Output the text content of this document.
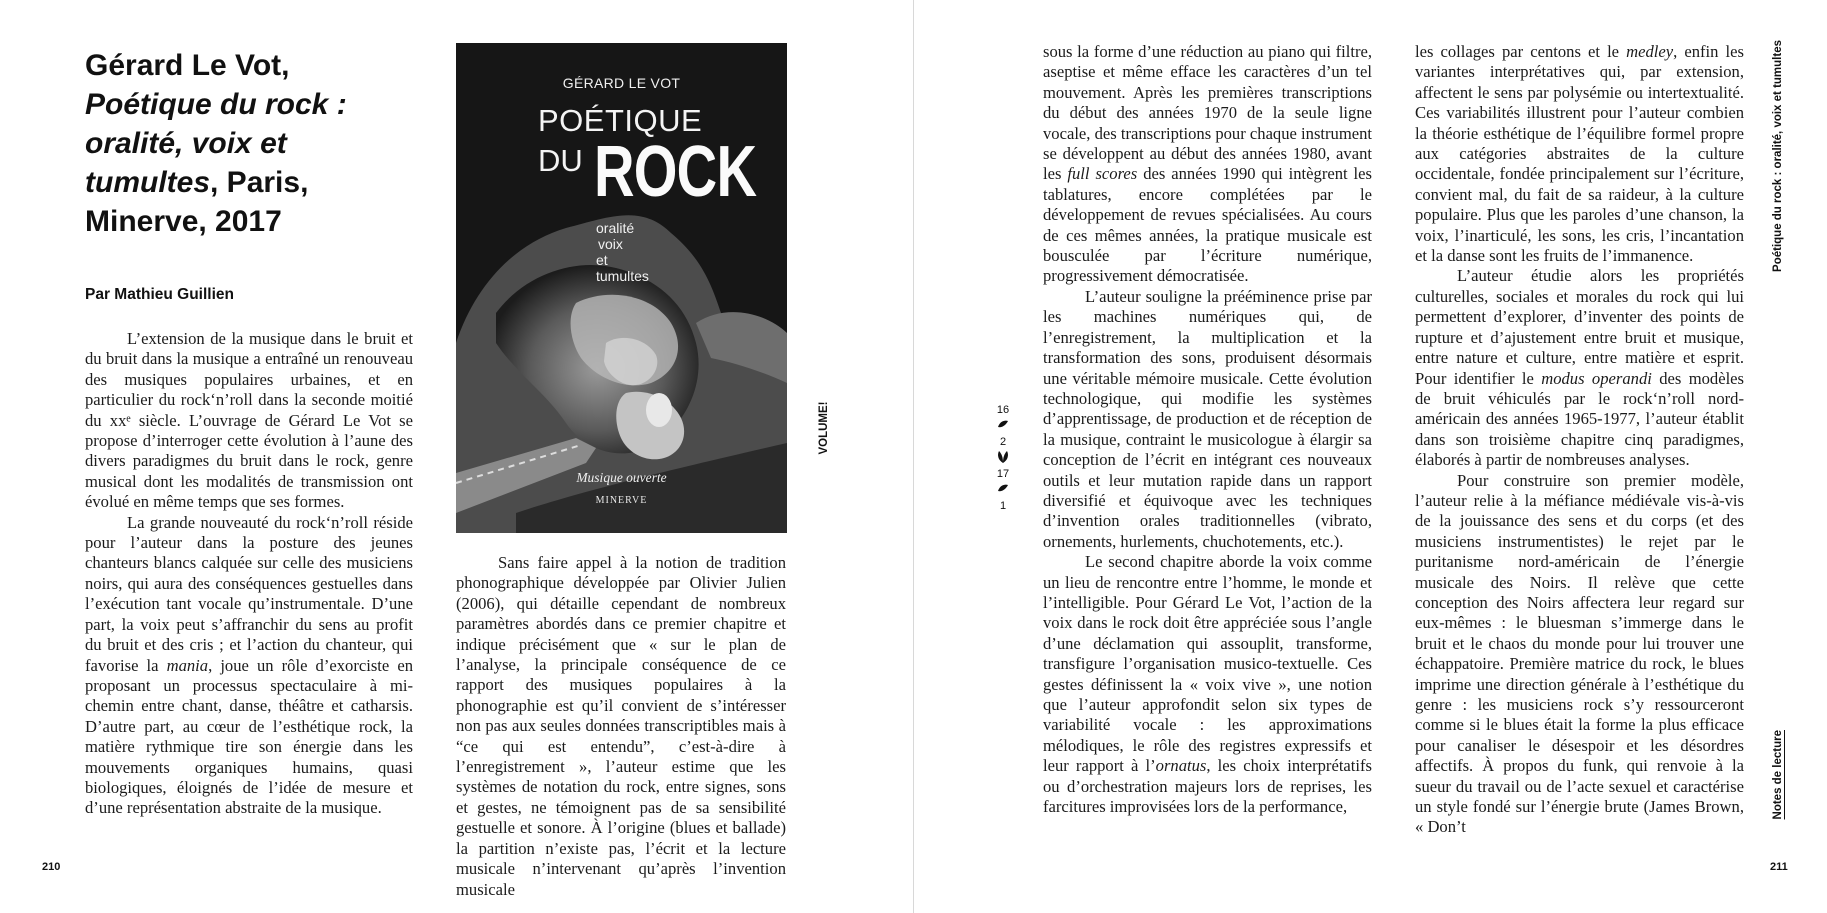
Gérard Le Vot,
Poétique du rock : oralité, voix et tumultes, Paris, Minerve, 2017
Par Mathieu Guillien

L’extension de la musique dans le bruit et du bruit dans la musique a entraîné un renouveau des musiques populaires urbaines, et en particulier du rock‘n’roll dans la seconde moitié du xxᵉ siècle. L’ouvrage de Gérard Le Vot se propose d’interroger cette évolution à l’aune des divers paradigmes du bruit dans le rock, genre musical dont les modalités de transmission ont évolué en même temps que ses formes.

La grande nouveauté du rock‘n’roll réside pour l’auteur dans la posture des jeunes chanteurs blancs calquée sur celle des musiciens noirs, qui aura des conséquences gestuelles dans l’exécution tant vocale qu’instrumentale. D’une part, la voix peut s’affranchir du sens au profit du bruit et des cris ; et l’action du chanteur, qui favorise la mania, joue un rôle d’exorciste en proposant un processus spectaculaire à mi-chemin entre chant, danse, théâtre et catharsis. D’autre part, au cœur de l’esthétique rock, la matière rythmique tire son énergie dans les mouvements organiques humains, quasi biologiques, éloignés de l’idée de mesure et d’une représentation abstraite de la musique.

GÉRARD LE VOT
POÉTIQUE
DU ROCK
oralité
voix
et
tumultes
Musique ouverte
MINERVE

Sans faire appel à la notion de tradition phonographique développée par Olivier Julien (2006), qui détaille cependant de nombreux paramètres abordés dans ce premier chapitre et indique précisément que « sur le plan de l’analyse, la principale conséquence de ce rapport des musiques populaires à la phonographie est qu’il convient de s’intéresser non pas aux seules données transcriptibles mais à “ce qui est entendu”, c’est-à-dire à l’enregistrement », l’auteur estime que les systèmes de notation du rock, entre signes, sons et gestes, ne témoignent pas de sa sensibilité gestuelle et sonore. À l’origine (blues et ballade) la partition n’existe pas, l’écrit et la lecture musicale n’intervenant qu’après l’invention musicale

VOLUME!
210
16
2
17
1

sous la forme d’une réduction au piano qui filtre, aseptise et même efface les caractères d’un tel mouvement. Après les premières transcriptions du début des années 1970 de la seule ligne vocale, des transcriptions pour chaque instrument se développent au début des années 1980, avant les full scores des années 1990 qui intègrent les tablatures, encore complétées par le développement de revues spécialisées. Au cours de ces mêmes années, la pratique musicale est bousculée par l’écriture numérique, progressivement démocratisée.

L’auteur souligne la prééminence prise par les machines numériques qui, de l’enregistrement, la multiplication et la transformation des sons, produisent désormais une véritable mémoire musicale. Cette évolution technologique, qui modifie les systèmes d’apprentissage, de production et de réception de la musique, contraint le musicologue à élargir sa conception de l’écrit en intégrant ces nouveaux outils et leur mutation rapide dans un rapport diversifié et équivoque avec les techniques d’invention orales traditionnelles (vibrato, ornements, hurlements, chuchotements, etc.).

Le second chapitre aborde la voix comme un lieu de rencontre entre l’homme, le monde et l’intelligible. Pour Gérard Le Vot, l’action de la voix dans le rock doit être appréciée sous l’angle d’une déclamation qui assouplit, transforme, transfigure l’organisation musico-textuelle. Ces gestes définissent la « voix vive », une notion que l’auteur approfondit selon six types de variabilité vocale : les approximations mélodiques, le rôle des registres expressifs et leur rapport à l’ornatus, les choix interprétatifs ou d’orchestration majeurs lors de reprises, les farcitures improvisées lors de la performance,

les collages par centons et le medley, enfin les variantes interprétatives qui, par extension, affectent le sens par polysémie ou intertextualité. Ces variabilités illustrent pour l’auteur combien la théorie esthétique de l’équilibre formel propre aux catégories abstraites de la culture occidentale, fondée principalement sur l’écriture, convient mal, du fait de sa raideur, à la culture populaire. Plus que les paroles d’une chanson, la voix, l’inarticulé, les sons, les cris, l’incantation et la danse sont les fruits de l’immanence.

L’auteur étudie alors les propriétés culturelles, sociales et morales du rock qui lui permettent d’explorer, d’inventer des points de rupture et d’ajustement entre bruit et musique, entre nature et culture, entre matière et esprit. Pour identifier le modus operandi des modèles de bruit véhiculés par le rock‘n’roll nord-américain des années 1965-1977, l’auteur établit dans son troisième chapitre cinq paradigmes, élaborés à partir de nombreuses analyses.

Pour construire son premier modèle, l’auteur relie à la méfiance médiévale vis-à-vis de la jouissance des sens et du corps (et des musiciens instrumentistes) le rejet par le puritanisme nord-américain de l’énergie musicale des Noirs. Il relève que cette conception des Noirs affectera leur regard sur eux-mêmes : le bluesman s’immerge dans le bruit et le chaos du monde pour lui trouver une échappatoire. Première matrice du rock, le blues imprime une direction générale à l’esthétique du genre : les musiciens rock s’y ressourceront comme si le blues était la forme la plus efficace pour canaliser le désespoir et les désordres affectifs. À propos du funk, qui renvoie à la sueur du travail ou de l’acte sexuel et caractérise un style fondé sur l’énergie brute (James Brown, « Don’t

Poétique du rock : oralité, voix et tumultes
Notes de lecture
211
